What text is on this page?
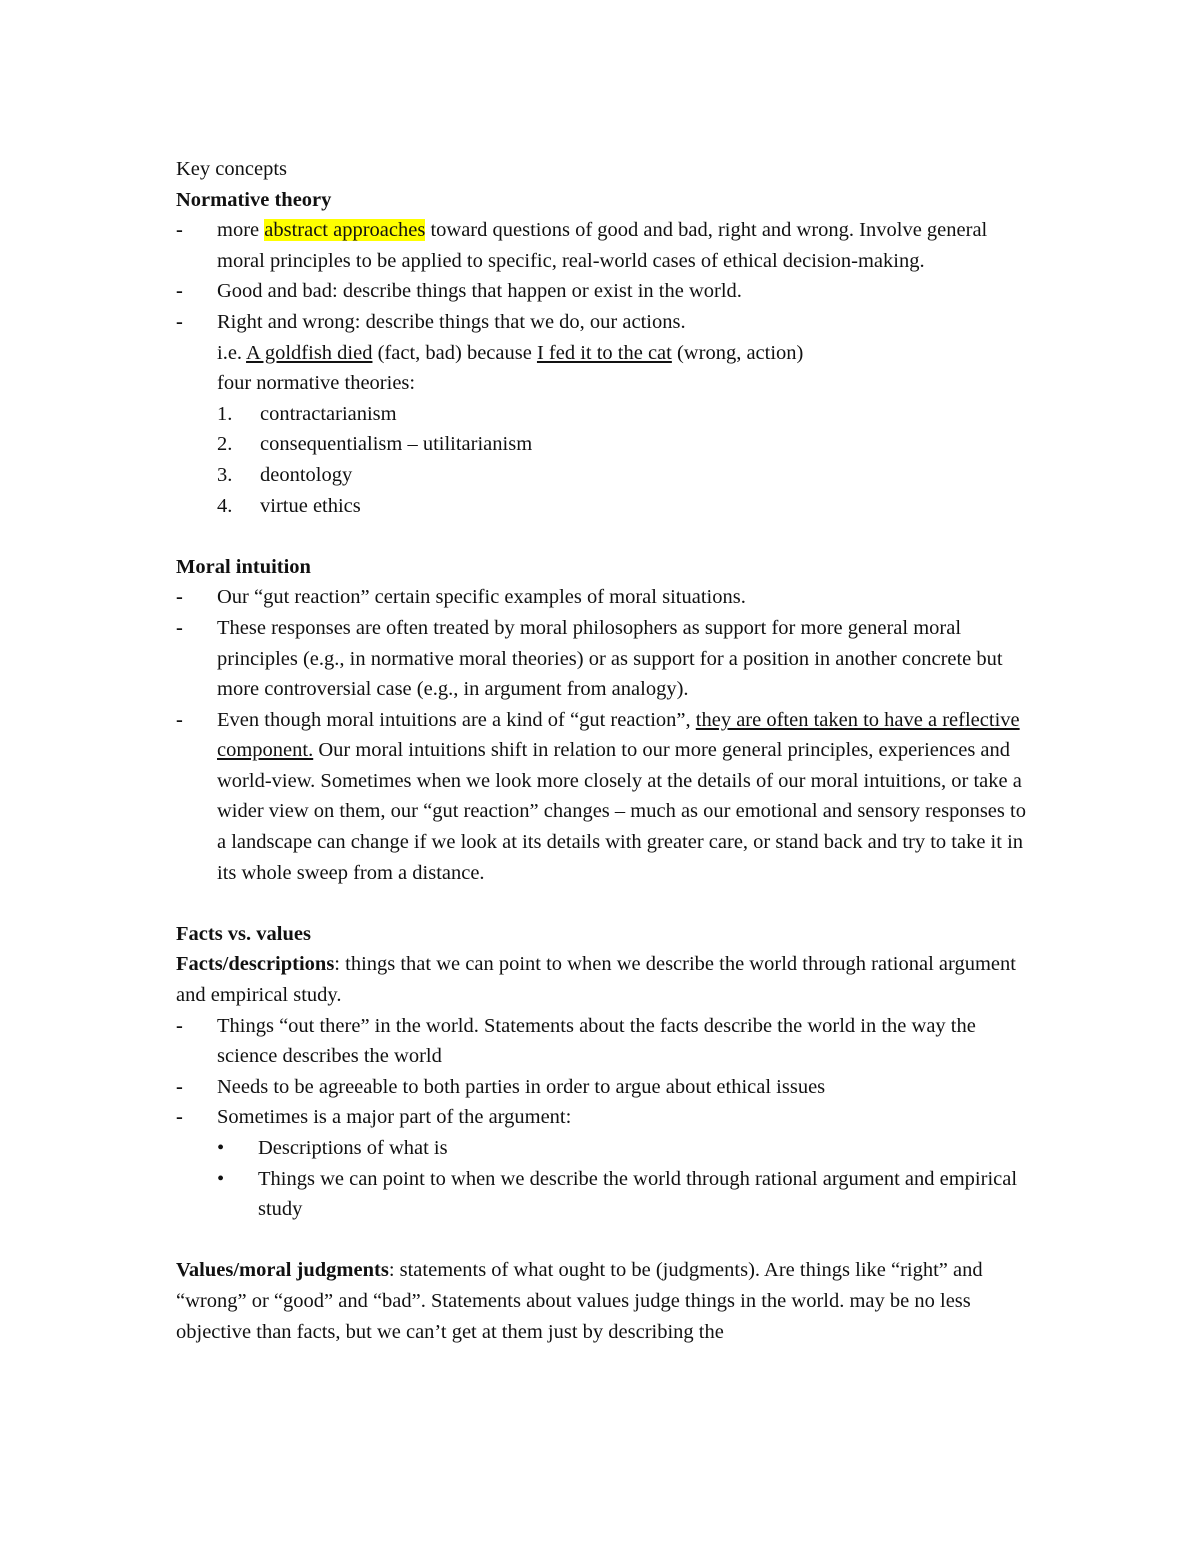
Key concepts

Normative theory

-	more abstract approaches toward questions of good and bad, right and wrong. Involve general moral principles to be applied to specific, real-world cases of ethical decision-making.
-	Good and bad: describe things that happen or exist in the world.
-	Right and wrong: describe things that we do, our actions.

i.e. A goldfish died (fact, bad) because I fed it to the cat (wrong, action)

four normative theories:

1.	contractarianism
2.	consequentialism – utilitarianism
3.	deontology
4.	virtue ethics

Moral intuition

-	Our “gut reaction” certain specific examples of moral situations.
-	These responses are often treated by moral philosophers as support for more general moral principles (e.g., in normative moral theories) or as support for a position in another concrete but more controversial case (e.g., in argument from analogy).
-	Even though moral intuitions are a kind of “gut reaction”, they are often taken to have a reflective component. Our moral intuitions shift in relation to our more general principles, experiences and world-view. Sometimes when we look more closely at the details of our moral intuitions, or take a wider view on them, our “gut reaction” changes – much as our emotional and sensory responses to a landscape can change if we look at its details with greater care, or stand back and try to take it in its whole sweep from a distance.

Facts vs. values

Facts/descriptions: things that we can point to when we describe the world through rational argument and empirical study.

-	Things “out there” in the world. Statements about the facts describe the world in the way the science describes the world
-	Needs to be agreeable to both parties in order to argue about ethical issues
-	Sometimes is a major part of the argument:
•	Descriptions of what is
•	Things we can point to when we describe the world through rational argument and empirical study

Values/moral judgments: statements of what ought to be (judgments). Are things like “right” and “wrong” or “good” and “bad”. Statements about values judge things in the world. may be no less objective than facts, but we can’t get at them just by describing the
